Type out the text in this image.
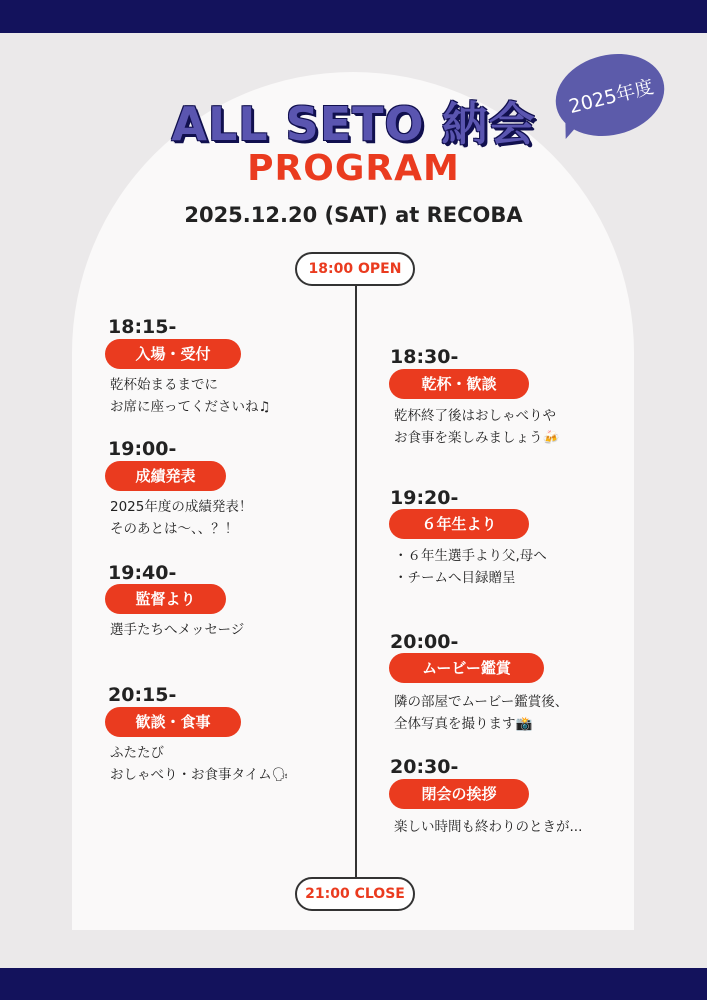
2025年度
ALL SETO 納会
PROGRAM
2025.12.20 (SAT) at RECOBA
18:00 OPEN
21:00 CLOSE
18:15-
入場・受付
乾杯始まるまでに
お席に座ってくださいね♫
19:00-
成績発表
2025年度の成績発表！
そのあとは〜、、？！
19:40-
監督より
選手たちへメッセージ
20:15-
歓談・食事
ふたたび
おしゃべり・お食事タイム🗣
18:30-
乾杯・歓談
乾杯終了後はおしゃべりや
お食事を楽しみましょう🍻
19:20-
６年生より
・６年生選手より父,母へ
・チームへ目録贈呈
20:00-
ムービー鑑賞
隣の部屋でムービー鑑賞後、
全体写真を撮ります📸
20:30-
閉会の挨拶
楽しい時間も終わりのときが...
